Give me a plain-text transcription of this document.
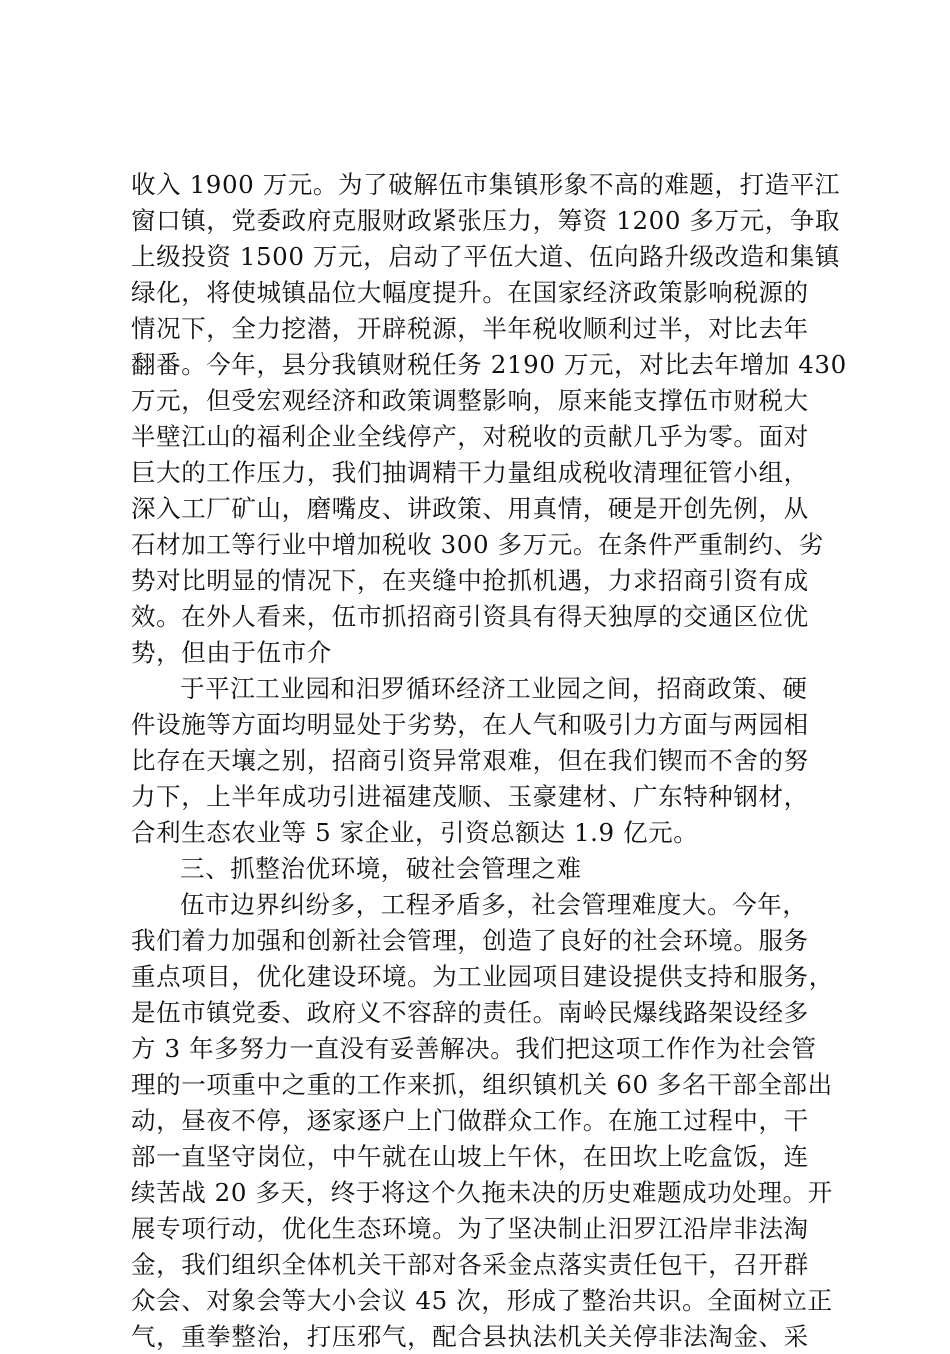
收入 1900 万元。为了破解伍市集镇形象不高的难题，打造平江
窗口镇，党委政府克服财政紧张压力，筹资 1200 多万元，争取
上级投资 1500 万元，启动了平伍大道、伍向路升级改造和集镇
绿化，将使城镇品位大幅度提升。在国家经济政策影响税源的
情况下，全力挖潜，开辟税源，半年税收顺利过半，对比去年
翻番。今年，县分我镇财税任务 2190 万元，对比去年增加 430
万元，但受宏观经济和政策调整影响，原来能支撑伍市财税大
半壁江山的福利企业全线停产，对税收的贡献几乎为零。面对
巨大的工作压力，我们抽调精干力量组成税收清理征管小组，
深入工厂矿山，磨嘴皮、讲政策、用真情，硬是开创先例，从
石材加工等行业中增加税收 300 多万元。在条件严重制约、劣
势对比明显的情况下，在夹缝中抢抓机遇，力求招商引资有成
效。在外人看来，伍市抓招商引资具有得天独厚的交通区位优
势，但由于伍市介
于平江工业园和汨罗循环经济工业园之间，招商政策、硬
件设施等方面均明显处于劣势，在人气和吸引力方面与两园相
比存在天壤之别，招商引资异常艰难，但在我们锲而不舍的努
力下，上半年成功引进福建茂顺、玉豪建材、广东特种钢材，
合利生态农业等 5 家企业，引资总额达 1.9 亿元。
三、抓整治优环境，破社会管理之难
伍市边界纠纷多，工程矛盾多，社会管理难度大。今年，
我们着力加强和创新社会管理，创造了良好的社会环境。服务
重点项目，优化建设环境。为工业园项目建设提供支持和服务，
是伍市镇党委、政府义不容辞的责任。南岭民爆线路架设经多
方 3 年多努力一直没有妥善解决。我们把这项工作作为社会管
理的一项重中之重的工作来抓，组织镇机关 60 多名干部全部出
动，昼夜不停，逐家逐户上门做群众工作。在施工过程中，干
部一直坚守岗位，中午就在山坡上午休，在田坎上吃盒饭，连
续苦战 20 多天，终于将这个久拖未决的历史难题成功处理。开
展专项行动，优化生态环境。为了坚决制止汨罗江沿岸非法淘
金，我们组织全体机关干部对各采金点落实责任包干，召开群
众会、对象会等大小会议 45 次，形成了整治共识。全面树立正
气，重拳整治，打压邪气，配合县执法机关关停非法淘金、采
